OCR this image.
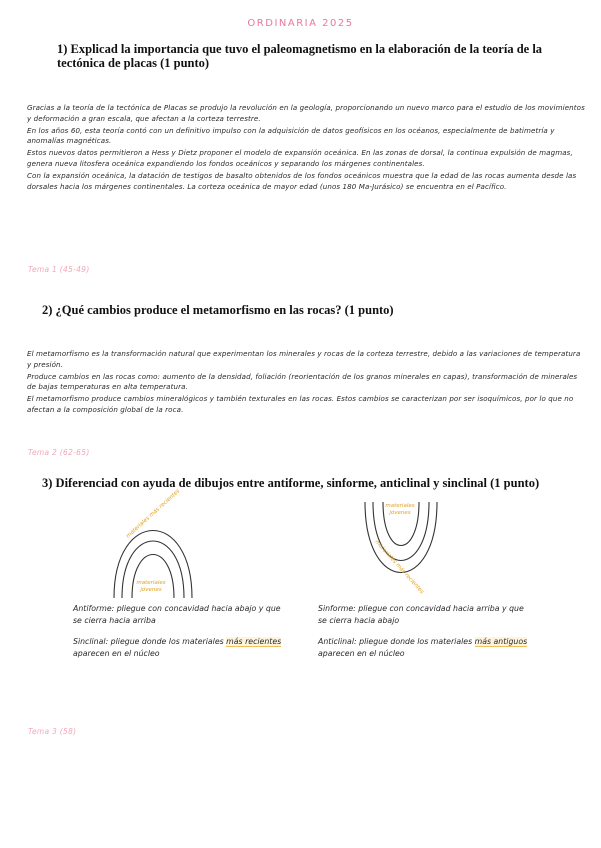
ORDINARIA 2025
1) Explicad la importancia que tuvo el paleomagnetismo en la elaboración de la teoría de la tectónica de placas (1 punto)

Gracias a la teoría de la tectónica de Placas se produjo la revolución en la geología, proporcionando un nuevo marco para el estudio de los movimientos y deformación a gran escala, que afectan a la corteza terrestre.

En los años 60, esta teoría contó con un definitivo impulso con la adquisición de datos geofísicos en los océanos, especialmente de batimetría y anomalías magnéticas.

Estos nuevos datos permitieron a Hess y Dietz proponer el modelo de expansión oceánica. En las zonas de dorsal, la continua expulsión de magmas, genera nueva litosfera oceánica expandiendo los fondos oceánicos y separando los márgenes continentales.

Con la expansión oceánica, la datación de testigos de basalto obtenidos de los fondos oceánicos muestra que la edad de las rocas aumenta desde las dorsales hacia los márgenes continentales. La corteza oceánica de mayor edad (unos 180 Ma-Jurásico) se encuentra en el Pacífico.

Tema 1 (45-49)
2) ¿Qué cambios produce el metamorfismo en las rocas? (1 punto)

El metamorfismo es la transformación natural que experimentan los minerales y rocas de la corteza terrestre, debido a las variaciones de temperatura y presión.

Produce cambios en las rocas como: aumento de la densidad, foliación (reorientación de los granos minerales en capas), transformación de minerales de bajas temperaturas en alta temperatura.

El metamorfismo produce cambios mineralógicos y también texturales en las rocas. Estos cambios se caracterizan por ser isoquímicos, por lo que no afectan a la composición global de la roca.

Tema 2 (62-65)
3) Diferenciad con ayuda de dibujos entre antiforme, sinforme, anticlinal y sinclinal (1 punto)
materiales más recientes
materiales jóvenes	materiales más recientes
materiales jóvenes

Antiforme: pliegue con concavidad hacia abajo y que se cierra hacia arriba

Sinclinal: pliegue donde los materiales más recientes aparecen en el núcleo

Sinforme: pliegue con concavidad hacia arriba y que se cierra hacia abajo

Anticlinal: pliegue donde los materiales más antiguos aparecen en el núcleo

Tema 3 (58)
